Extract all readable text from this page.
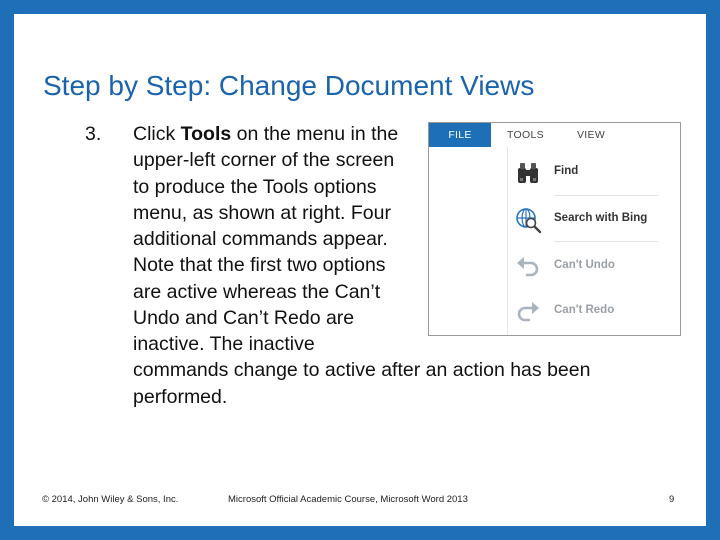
Step by Step: Change Document Views
3. Click Tools on the menu in the
upper-left corner of the screen
to produce the Tools options
menu, as shown at right. Four
additional commands appear.
Note that the first two options
are active whereas the Can’t
Undo and Can’t Redo are
inactive. The inactive
commands change to active after an action has been
performed.
FILE	TOOLS	VIEW
Find
Search with Bing
Can't Undo
Can't Redo
© 2014, John Wiley & Sons, Inc.	Microsoft Official Academic Course, Microsoft Word 2013	9
